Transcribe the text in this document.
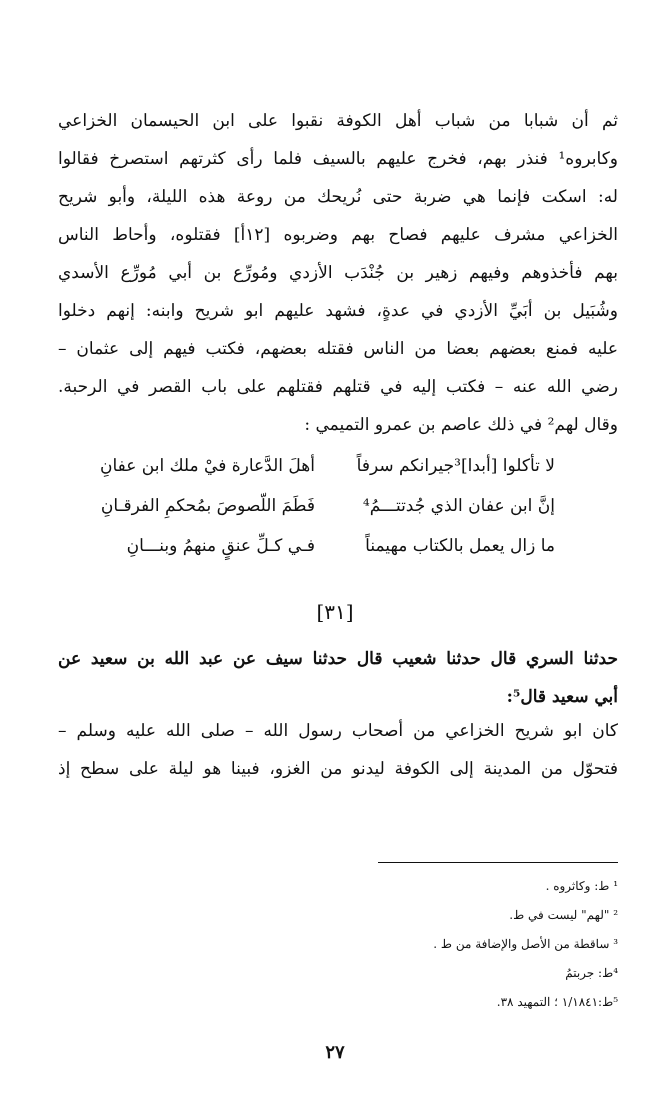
ثم أن شبابا من شباب أهل الكوفة نقبوا على ابن الحيسمان الخزاعي
وكابروه¹ فنذر بهم، فخرج عليهم بالسيف فلما رأى كثرتهم استصرخ فقالوا
له: اسكت فإنما هي ضربة حتى نُريحك من روعة هذه الليلة، وأبو شريح
الخزاعي مشرف عليهم فصاح بهم وضربوه [١٢أ] فقتلوه، وأحاط الناس
بهم فأخذوهم وفيهم زهير بن جُنْدَب الأزدي ومُورِّع بن أبي مُورِّع الأسدي
وشُبَيل بن أبَيِّ الأزدي في عدةٍ، فشهد عليهم ابو شريح وابنه: إنهم دخلوا
عليه فمنع بعضهم بعضا من الناس فقتله بعضهم، فكتب فيهم إلى عثمان –
رضي الله عنه – فكتب إليه في قتلهم فقتلهم على باب القصر في الرحبة.
وقال لهم² في ذلك عاصم بن عمرو التميمي :
لا تأكلوا [أبدا]³جيرانكم سرفاً
أهلَ الدَّعارة فيْ ملك ابن عفانِ
إنَّ ابن عفان الذي جُدتتـــمُ⁴
فَطَمَ اللّصوصَ بمُحكمِ الفرقـانِ
ما زال يعمل بالكتاب مهيمناً
فـي كـلِّ عنقٍ منهمُ وبنـــانِ
[٣١]
حدثنا السري قال حدثنا شعيب قال حدثنا سيف عن عبد الله بن سعيد عن
أبي سعيد قال⁵:
كان ابو شريح الخزاعي من أصحاب رسول الله – صلى الله عليه وسلم –
فتحوّل من المدينة إلى الكوفة ليدنو من الغزو، فبينا هو ليلة على سطح إذ
¹ ط: وكاثروه .
² "لهم" ليست في ط.
³ ساقطة من الأصل والإضافة من ط .
⁴ط: جربتمُ
⁵ط:١/١٨٤١ ؛ التمهيد ٣٨.
٢٧
